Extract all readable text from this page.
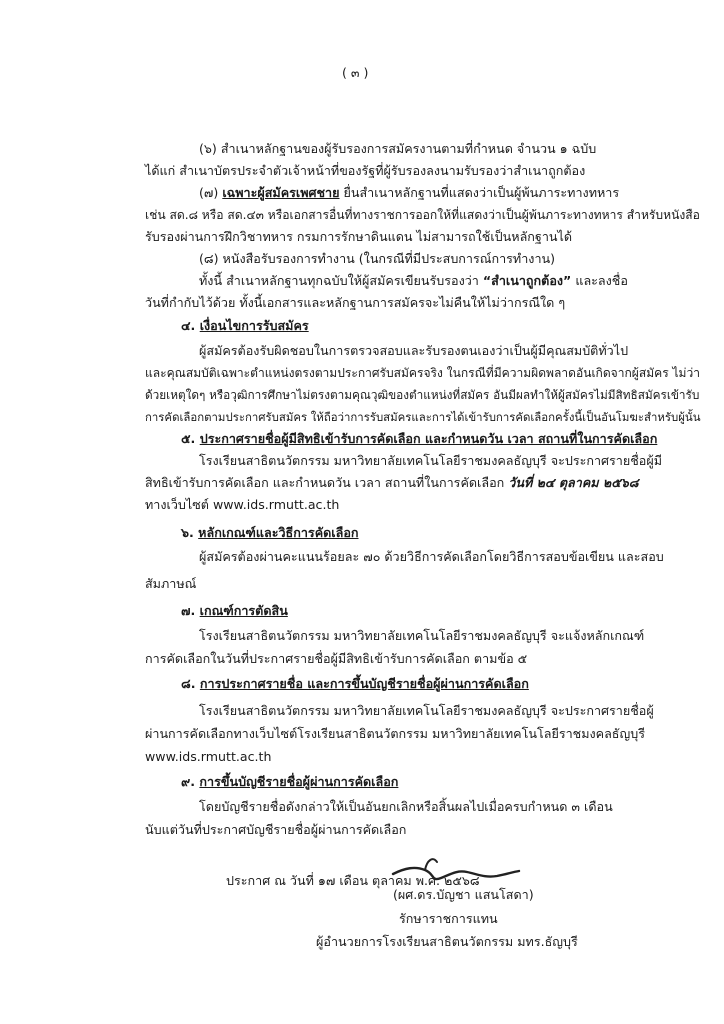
( ๓ )
(๖) สำเนาหลักฐานของผู้รับรองการสมัครงานตามที่กำหนด จำนวน ๑ ฉบับ
ได้แก่ สำเนาบัตรประจำตัวเจ้าหน้าที่ของรัฐที่ผู้รับรองลงนามรับรองว่าสำเนาถูกต้อง
(๗) เฉพาะผู้สมัครเพศชาย ยื่นสำเนาหลักฐานที่แสดงว่าเป็นผู้พ้นภาระทางทหาร
เช่น สด.๘ หรือ สด.๔๓ หรือเอกสารอื่นที่ทางราชการออกให้ที่แสดงว่าเป็นผู้พ้นภาระทางทหาร สำหรับหนังสือ
รับรองผ่านการฝึกวิชาทหาร กรมการรักษาดินแดน ไม่สามารถใช้เป็นหลักฐานได้
(๘) หนังสือรับรองการทำงาน (ในกรณีที่มีประสบการณ์การทำงาน)
ทั้งนี้ สำเนาหลักฐานทุกฉบับให้ผู้สมัครเขียนรับรองว่า “สำเนาถูกต้อง” และลงชื่อ
วันที่กำกับไว้ด้วย ทั้งนี้เอกสารและหลักฐานการสมัครจะไม่คืนให้ไม่ว่ากรณีใด ๆ
๔. เงื่อนไขการรับสมัคร
ผู้สมัครต้องรับผิดชอบในการตรวจสอบและรับรองตนเองว่าเป็นผู้มีคุณสมบัติทั่วไป
และคุณสมบัติเฉพาะตำแหน่งตรงตามประกาศรับสมัครจริง ในกรณีที่มีความผิดพลาดอันเกิดจากผู้สมัคร ไม่ว่า
ด้วยเหตุใดๆ หรือวุฒิการศึกษาไม่ตรงตามคุณวุฒิของตำแหน่งที่สมัคร อันมีผลทำให้ผู้สมัครไม่มีสิทธิสมัครเข้ารับ
การคัดเลือกตามประกาศรับสมัคร ให้ถือว่าการรับสมัครและการได้เข้ารับการคัดเลือกครั้งนี้เป็นอันโมฆะสำหรับผู้นั้น
๕. ประกาศรายชื่อผู้มีสิทธิเข้ารับการคัดเลือก และกำหนดวัน เวลา สถานที่ในการคัดเลือก
โรงเรียนสาธิตนวัตกรรม มหาวิทยาลัยเทคโนโลยีราชมงคลธัญบุรี จะประกาศรายชื่อผู้มี
สิทธิเข้ารับการคัดเลือก และกำหนดวัน เวลา สถานที่ในการคัดเลือก วันที่ ๒๔ ตุลาคม ๒๕๖๘
ทางเว็บไซต์ www.ids.rmutt.ac.th
๖. หลักเกณฑ์และวิธีการคัดเลือก
ผู้สมัครต้องผ่านคะแนนร้อยละ ๗๐ ด้วยวิธีการคัดเลือกโดยวิธีการสอบข้อเขียน และสอบ
สัมภาษณ์
๗. เกณฑ์การตัดสิน
โรงเรียนสาธิตนวัตกรรม มหาวิทยาลัยเทคโนโลยีราชมงคลธัญบุรี จะแจ้งหลักเกณฑ์
การคัดเลือกในวันที่ประกาศรายชื่อผู้มีสิทธิเข้ารับการคัดเลือก ตามข้อ ๕
๘. การประกาศรายชื่อ และการขึ้นบัญชีรายชื่อผู้ผ่านการคัดเลือก
โรงเรียนสาธิตนวัตกรรม มหาวิทยาลัยเทคโนโลยีราชมงคลธัญบุรี จะประกาศรายชื่อผู้
ผ่านการคัดเลือกทางเว็บไซต์โรงเรียนสาธิตนวัตกรรม มหาวิทยาลัยเทคโนโลยีราชมงคลธัญบุรี
www.ids.rmutt.ac.th
๙. การขึ้นบัญชีรายชื่อผู้ผ่านการคัดเลือก
โดยบัญชีรายชื่อดังกล่าวให้เป็นอันยกเลิกหรือสิ้นผลไปเมื่อครบกำหนด ๓ เดือน
นับแต่วันที่ประกาศบัญชีรายชื่อผู้ผ่านการคัดเลือก
ประกาศ ณ วันที่ ๑๗ เดือน ตุลาคม พ.ศ. ๒๕๖๘
(ผศ.ดร.บัญชา แสนโสดา)
รักษาราชการแทน
ผู้อำนวยการโรงเรียนสาธิตนวัตกรรม มทร.ธัญบุรี
